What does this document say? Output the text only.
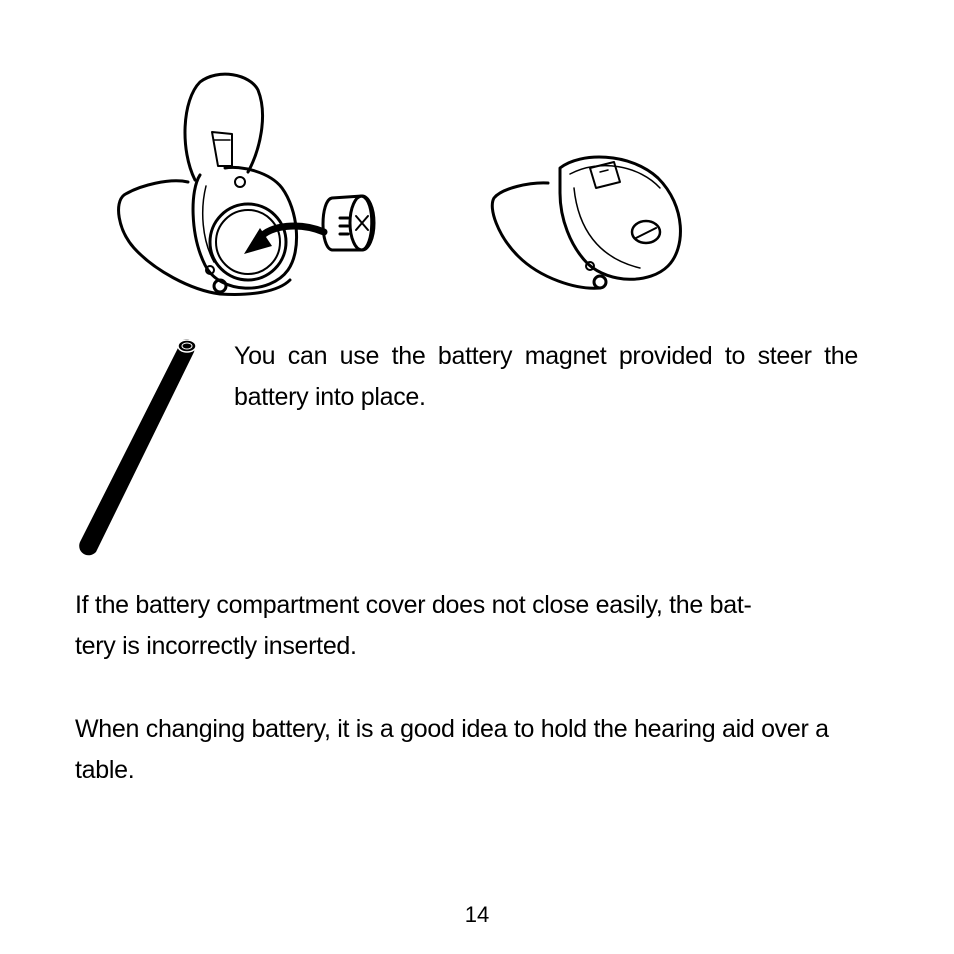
You can use the battery magnet provided to steer the battery into place.

If the battery compartment cover does not close easily, the bat-
tery is incorrectly inserted.

When changing battery, it is a good idea to hold the hearing aid over a table.

14
